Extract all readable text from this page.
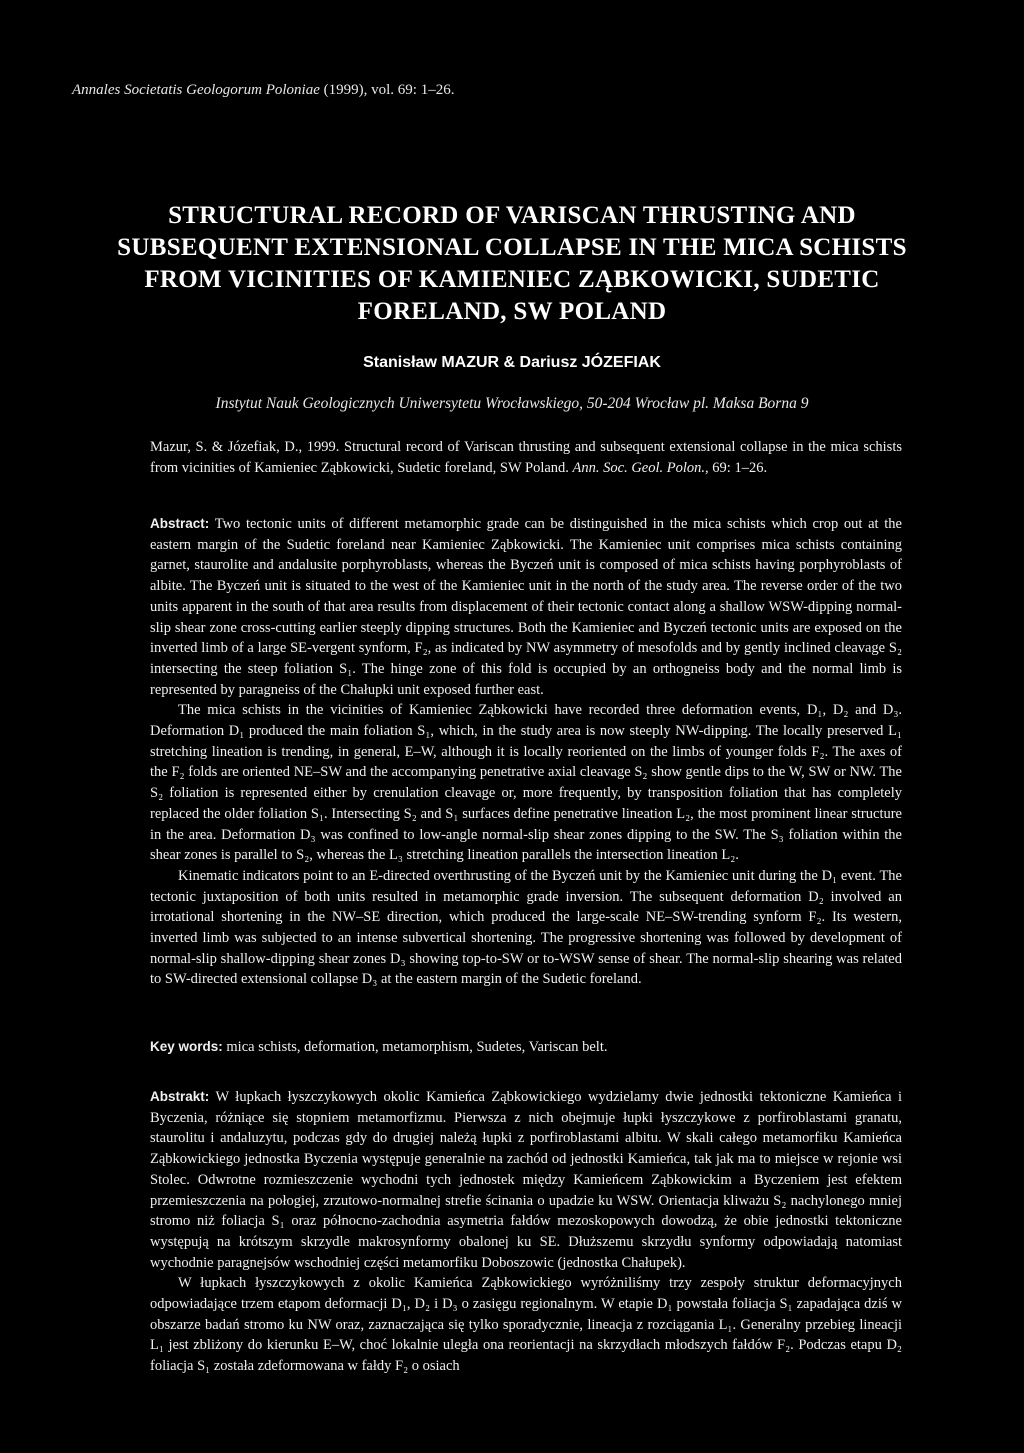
Annales Societatis Geologorum Poloniae (1999), vol. 69: 1–26.
STRUCTURAL RECORD OF VARISCAN THRUSTING AND
SUBSEQUENT EXTENSIONAL COLLAPSE IN THE MICA SCHISTS
FROM VICINITIES OF KAMIENIEC ZĄBKOWICKI, SUDETIC
FORELAND, SW POLAND
Stanisław MAZUR & Dariusz JÓZEFIAK
Instytut Nauk Geologicznych Uniwersytetu Wrocławskiego, 50-204 Wrocław pl. Maksa Borna 9
Mazur, S. & Józefiak, D., 1999. Structural record of Variscan thrusting and subsequent extensional collapse in the mica schists from vicinities of Kamieniec Ząbkowicki, Sudetic foreland, SW Poland. Ann. Soc. Geol. Polon., 69: 1–26.

Abstract: Two tectonic units of different metamorphic grade can be distinguished in the mica schists which crop out at the eastern margin of the Sudetic foreland near Kamieniec Ząbkowicki. The Kamieniec unit comprises mica schists containing garnet, staurolite and andalusite porphyroblasts, whereas the Byczeń unit is composed of mica schists having porphyroblasts of albite. The Byczeń unit is situated to the west of the Kamieniec unit in the north of the study area. The reverse order of the two units apparent in the south of that area results from displacement of their tectonic contact along a shallow WSW-dipping normal-slip shear zone cross-cutting earlier steeply dipping structures. Both the Kamieniec and Byczeń tectonic units are exposed on the inverted limb of a large SE-vergent synform, F₂, as indicated by NW asymmetry of mesofolds and by gently inclined cleavage S₂ intersecting the steep foliation S₁. The hinge zone of this fold is occupied by an orthogneiss body and the normal limb is represented by paragneiss of the Chałupki unit exposed further east.

The mica schists in the vicinities of Kamieniec Ząbkowicki have recorded three deformation events, D₁, D₂ and D₃. Deformation D₁ produced the main foliation S₁, which, in the study area is now steeply NW-dipping. The locally preserved L₁ stretching lineation is trending, in general, E–W, although it is locally reoriented on the limbs of younger folds F₂. The axes of the F₂ folds are oriented NE–SW and the accompanying penetrative axial cleavage S₂ show gentle dips to the W, SW or NW. The S₂ foliation is represented either by crenulation cleavage or, more frequently, by transposition foliation that has completely replaced the older foliation S₁. Intersecting S₂ and S₁ surfaces define penetrative lineation L₂, the most prominent linear structure in the area. Deformation D₃ was confined to low-angle normal-slip shear zones dipping to the SW. The S₃ foliation within the shear zones is parallel to S₂, whereas the L₃ stretching lineation parallels the intersection lineation L₂.

Kinematic indicators point to an E-directed overthrusting of the Byczeń unit by the Kamieniec unit during the D₁ event. The tectonic juxtaposition of both units resulted in metamorphic grade inversion. The subsequent deformation D₂ involved an irrotational shortening in the NW–SE direction, which produced the large-scale NE–SW-trending synform F₂. Its western, inverted limb was subjected to an intense subvertical shortening. The progressive shortening was followed by development of normal-slip shallow-dipping shear zones D₃ showing top-to-SW or to-WSW sense of shear. The normal-slip shearing was related to SW-directed extensional collapse D₃ at the eastern margin of the Sudetic foreland.

Key words: mica schists, deformation, metamorphism, Sudetes, Variscan belt.

Abstrakt: W łupkach łyszczykowych okolic Kamieńca Ząbkowickiego wydzielamy dwie jednostki tektoniczne Kamieńca i Byczenia, różniące się stopniem metamorfizmu. Pierwsza z nich obejmuje łupki łyszczykowe z porfiroblastami granatu, staurolitu i andaluzytu, podczas gdy do drugiej należą łupki z porfiroblastami albitu. W skali całego metamorfiku Kamieńca Ząbkowickiego jednostka Byczenia występuje generalnie na zachód od jednostki Kamieńca, tak jak ma to miejsce w rejonie wsi Stolec. Odwrotne rozmieszczenie wychodni tych jednostek między Kamieńcem Ząbkowickim a Byczeniem jest efektem przemieszczenia na połogiej, zrzutowo-normalnej strefie ścinania o upadzie ku WSW. Orientacja kliważu S₂ nachylonego mniej stromo niż foliacja S₁ oraz północno-zachodnia asymetria fałdów mezoskopowych dowodzą, że obie jednostki tektoniczne występują na krótszym skrzydle makrosynformy obalonej ku SE. Dłuższemu skrzydłu synformy odpowiadają natomiast wychodnie paragnejsów wschodniej części metamorfiku Doboszowic (jednostka Chałupek).

W łupkach łyszczykowych z okolic Kamieńca Ząbkowickiego wyróżniliśmy trzy zespoły struktur deformacyjnych odpowiadające trzem etapom deformacji D₁, D₂ i D₃ o zasięgu regionalnym. W etapie D₁ powstała foliacja S₁ zapadająca dziś w obszarze badań stromo ku NW oraz, zaznaczająca się tylko sporadycznie, lineacja z rozciągania L₁. Generalny przebieg lineacji L₁ jest zbliżony do kierunku E–W, choć lokalnie uległa ona reorientacji na skrzydłach młodszych fałdów F₂. Podczas etapu D₂ foliacja S₁ została zdeformowana w fałdy F₂ o osiach
